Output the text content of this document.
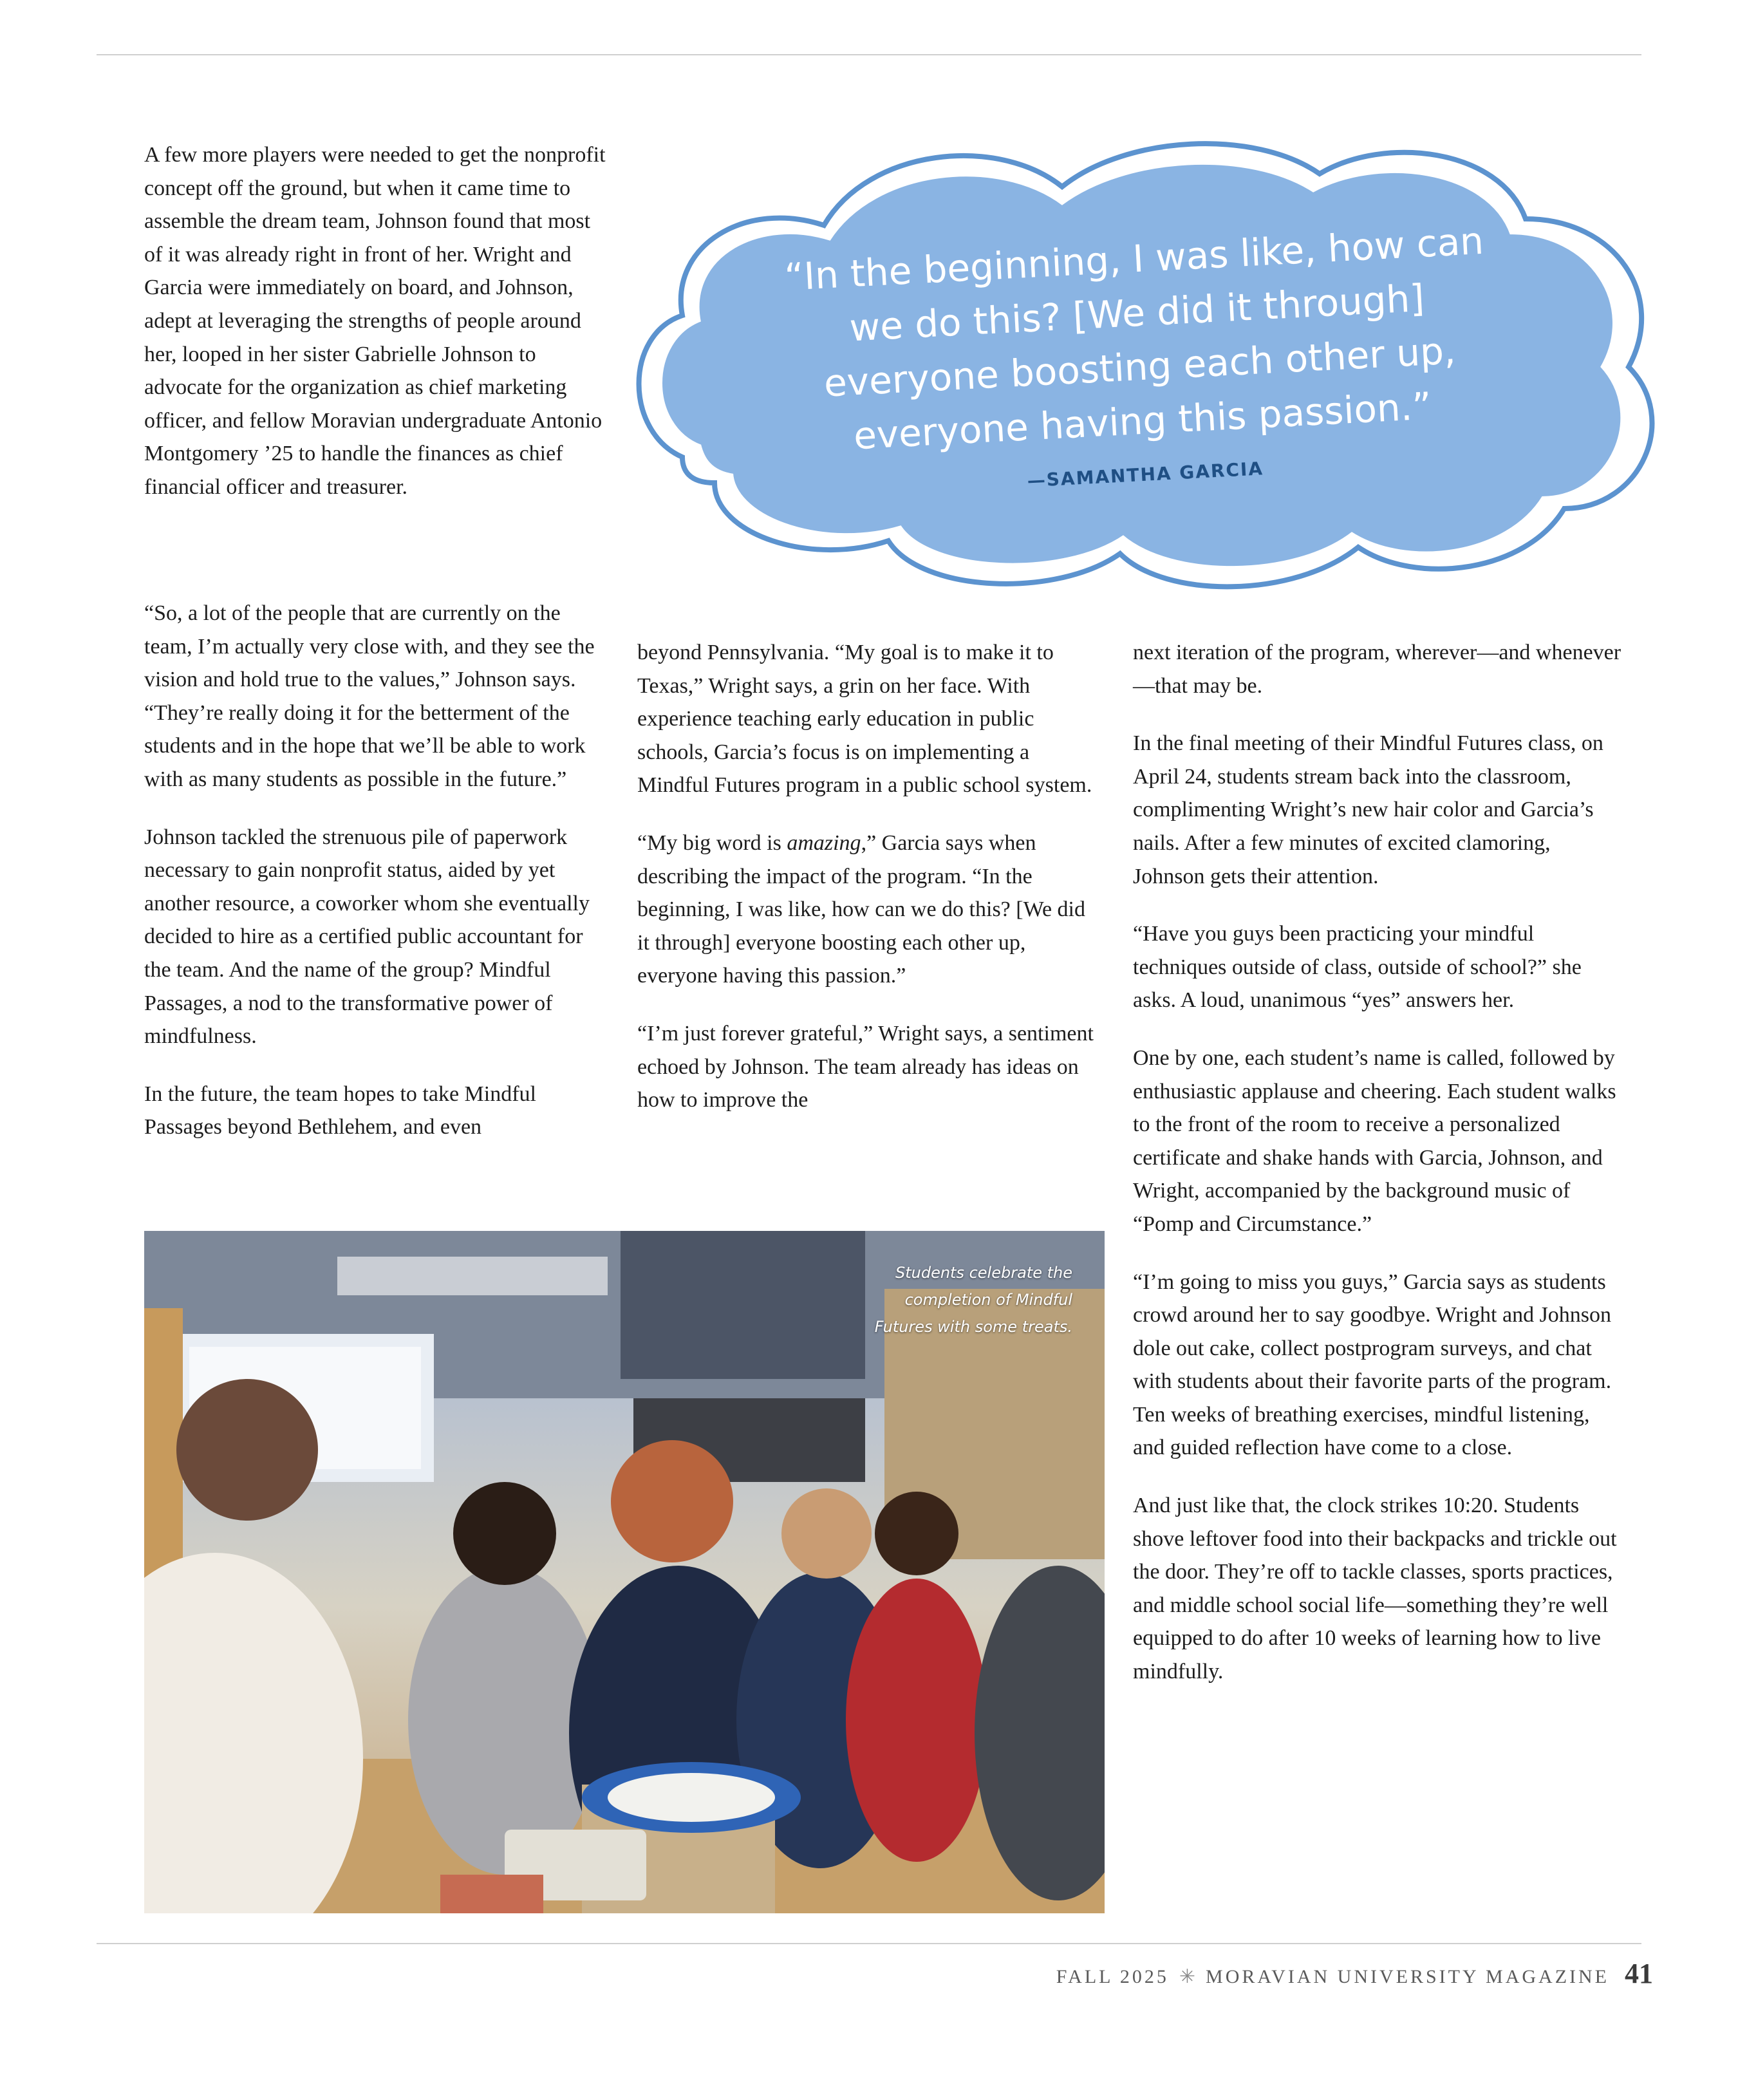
A few more players were needed to get the nonprofit concept off the ground, but when it came time to assemble the dream team, Johnson found that most of it was already right in front of her. Wright and Garcia were immediately on board, and Johnson, adept at leveraging the strengths of people around her, looped in her sister Gabrielle Johnson to advocate for the organization as chief marketing officer, and fellow Moravian undergraduate Antonio Montgomery ’25 to handle the finances as chief financial officer and treasurer.

“In the beginning, I was like, how can we do this? [We did it through] everyone boosting each other up, everyone having this passion.”
—SAMANTHA GARCIA

“So, a lot of the people that are currently on the team, I’m actually very close with, and they see the vision and hold true to the values,” Johnson says. “They’re really doing it for the betterment of the students and in the hope that we’ll be able to work with as many students as possible in the future.”

Johnson tackled the strenuous pile of paperwork necessary to gain nonprofit status, aided by yet another resource, a coworker whom she eventually decided to hire as a certified public accountant for the team. And the name of the group? Mindful Passages, a nod to the transformative power of mindfulness.

In the future, the team hopes to take Mindful Passages beyond Bethlehem, and even

beyond Pennsylvania. “My goal is to make it to Texas,” Wright says, a grin on her face. With experience teaching early education in public schools, Garcia’s focus is on implementing a Mindful Futures program in a public school system.

“My big word is amazing,” Garcia says when describing the impact of the program. “In the beginning, I was like, how can we do this? [We did it through] everyone boosting each other up, everyone having this passion.”

“I’m just forever grateful,” Wright says, a sentiment echoed by Johnson. The team already has ideas on how to improve the

next iteration of the program, wherever—and whenever—that may be.

In the final meeting of their Mindful Futures class, on April 24, students stream back into the classroom, complimenting Wright’s new hair color and Garcia’s nails. After a few minutes of excited clamoring, Johnson gets their attention.

“Have you guys been practicing your mindful techniques outside of class, outside of school?” she asks. A loud, unanimous “yes” answers her.

One by one, each student’s name is called, followed by enthusiastic applause and cheering. Each student walks to the front of the room to receive a personalized certificate and shake hands with Garcia, Johnson, and Wright, accompanied by the background music of “Pomp and Circumstance.”

“I’m going to miss you guys,” Garcia says as students crowd around her to say goodbye. Wright and Johnson dole out cake, collect postprogram surveys, and chat with students about their favorite parts of the program. Ten weeks of breathing exercises, mindful listening, and guided reflection have come to a close.

And just like that, the clock strikes 10:20. Students shove leftover food into their backpacks and trickle out the door. They’re off to tackle classes, sports practices, and middle school social life—something they’re well equipped to do after 10 weeks of learning how to live mindfully.

Students celebrate the completion of Mindful Futures with some treats.
FALL 2025 ✳ MORAVIAN UNIVERSITY MAGAZINE 41
